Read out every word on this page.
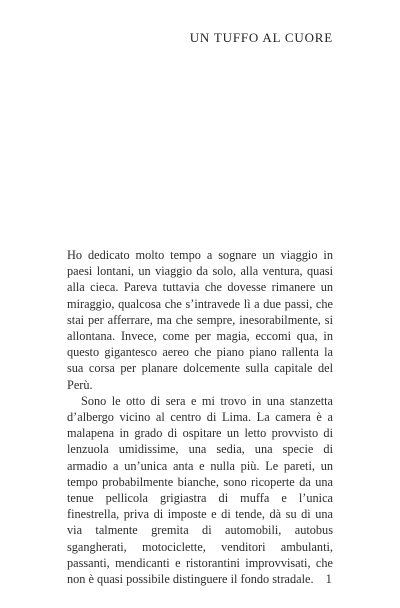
UN TUFFO AL CUORE

Ho dedicato molto tempo a sognare un viaggio in paesi lontani, un viaggio da solo, alla ventura, quasi alla cieca. Pareva tuttavia che dovesse rimanere un miraggio, qualcosa che s’intravede lì a due passi, che stai per afferrare, ma che sempre, inesorabilmente, si allontana. Invece, come per magia, eccomi qua, in questo gigantesco aereo che piano piano rallenta la sua corsa per planare dolcemente sulla capitale del Perù.

Sono le otto di sera e mi trovo in una stanzetta d’albergo vicino al centro di Lima. La camera è a malapena in grado di ospitare un letto provvisto di lenzuola umidissime, una sedia, una specie di armadio a un’unica anta e nulla più. Le pareti, un tempo probabilmente bianche, sono ricoperte da una tenue pellicola grigiastra di muffa e l’unica finestrella, priva di imposte e di tende, dà su di una via talmente gremita di automobili, autobus sgangherati, motociclette, venditori ambulanti, passanti, mendicanti e ristorantini improvvisati, che non è quasi possibile distinguere il fondo stradale. 1
